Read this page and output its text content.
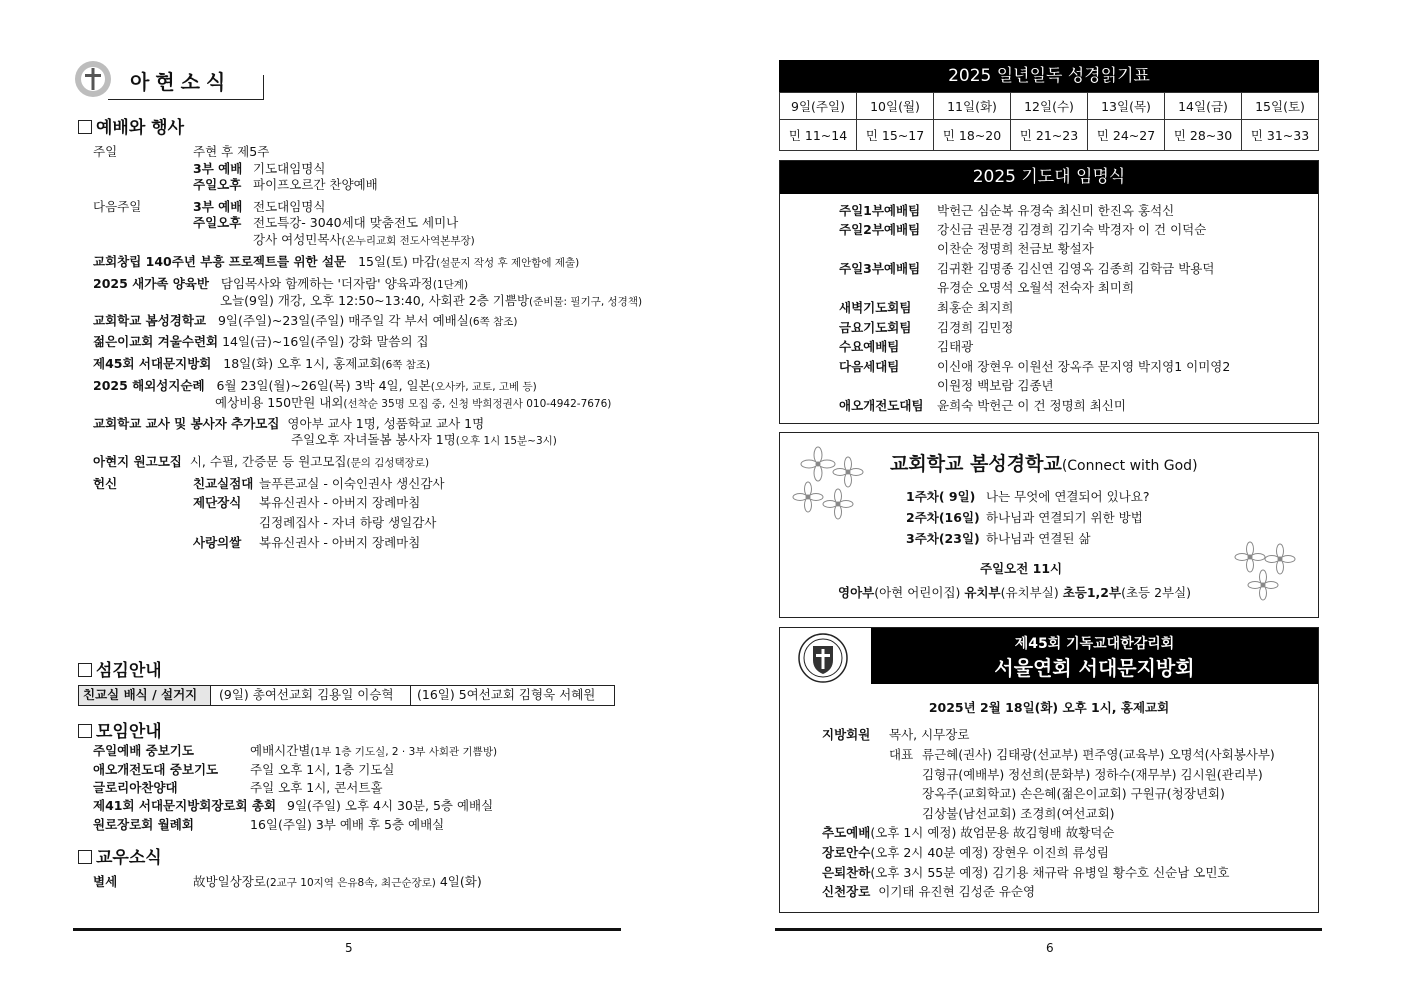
아현소식
예배와 행사
주일	주현 후 제5주
3부 예배 기도대임명식
주일오후 파이프오르간 찬양예배
다음주일	3부 예배 전도대임명식
주일오후 전도특강- 3040세대 맞춤전도 세미나
강사 여성민목사(온누리교회 전도사역본부장)
교회창립 140주년 부흥 프로젝트를 위한 설문 15일(토) 마감(설문지 작성 후 제안함에 제출)
2025 새가족 양육반 담임목사와 함께하는 '더자람' 양육과정(1단계)
오늘(9일) 개강, 오후 12:50~13:40, 사회관 2층 기쁨방(준비물: 필기구, 성경책)
교회학교 봄성경학교 9일(주일)~23일(주일) 매주일 각 부서 예배실(6쪽 참조)
젊은이교회 겨울수련회 14일(금)~16일(주일) 강화 말씀의 집
제45회 서대문지방회 18일(화) 오후 1시, 홍제교회(6쪽 참조)
2025 해외성지순례 6월 23일(월)~26일(목) 3박 4일, 일본(오사카, 교토, 고베 등)
예상비용 150만원 내외(선착순 35명 모집 중, 신청 박희정권사 010-4942-7676)
교회학교 교사 및 봉사자 추가모집 영아부 교사 1명, 성품학교 교사 1명
주일오후 자녀돌봄 봉사자 1명(오후 1시 15분~3시)
아현지 원고모집 시, 수필, 간증문 등 원고모집(문의 김성택장로)
헌신	친교실점대 늘푸른교실 - 이숙인권사 생신감사
제단장식 복유신권사 - 아버지 장례마침
김정례집사 - 자녀 하랑 생일감사
사랑의쌀 복유신권사 - 아버지 장례마침
섬김안내
친교실 배식 / 설거지 (9일) 총여선교회 김용일 이승혁 (16일) 5여선교회 김형욱 서혜원
모임안내
주일예배 중보기도	예배시간별(1부 1층 기도실, 2 · 3부 사회관 기쁨방)
애오개전도대 중보기도	주일 오후 1시, 1층 기도실
글로리아찬양대	주일 오후 1시, 콘서트홀
제41회 서대문지방회장로회 총회 9일(주일) 오후 4시 30분, 5층 예배실
원로장로회 월례회	16일(주일) 3부 예배 후 5층 예배실
교우소식
별세	故방일상장로(2교구 10지역 은유8속, 최근순장로) 4일(화)
5
2025 일년일독 성경읽기표
9일(주일)	10일(월)	11일(화)	12일(수)	13일(목)	14일(금)	15일(토)
민 11~14	민 15~17	민 18~20	민 21~23	민 24~27	민 28~30	민 31~33
2025 기도대 임명식
주일1부예배팀 박헌근 심순복 유경숙 최신미 한진옥 홍석신
주일2부예배팀 강신금 권문경 김경희 김기숙 박경자 이 건 이덕순
이찬순 정명희 천금보 황설자
주일3부예배팀 김귀환 김명종 김신연 김영옥 김종희 김학금 박용덕
유경순 오명석 오월석 전숙자 최미희
새벽기도회팀 최홍순 최지희
금요기도회팀 김경희 김민정
수요예배팀	김태광
다음세대팀	이신애 장현우 이원선 장옥주 문지영 박지영1 이미영2
이원정 백보람 김종년
애오개전도대팀 윤희숙 박헌근 이 건 정명희 최신미
교회학교 봄성경학교(Connect with God)
1주차( 9일) 나는 무엇에 연결되어 있나요?
2주차(16일) 하나님과 연결되기 위한 방법
3주차(23일) 하나님과 연결된 삶
주일오전 11시
영아부(아현 어린이집) 유치부(유치부실) 초등1,2부(초등 2부실)
제45회 기독교대한감리회
서울연회 서대문지방회
2025년 2월 18일(화) 오후 1시, 홍제교회
지방회원 목사, 시무장로
대표 류근혜(권사) 김태광(선교부) 편주영(교육부) 오명석(사회봉사부)
김형규(예배부) 정선희(문화부) 정하수(재무부) 김시원(관리부)
장옥주(교회학교) 손은혜(젊은이교회) 구원규(청장년회)
김상불(남선교회) 조경희(여선교회)
추도예배(오후 1시 예정) 故엄문용 故김형배 故황덕순
장로안수(오후 2시 40분 예정) 장현우 이진희 류성림
은퇴찬하(오후 3시 55분 예정) 김기용 채규락 유병일 황수호 신순남 오민호
신천장로 이기태 유진현 김성준 유순영
6
